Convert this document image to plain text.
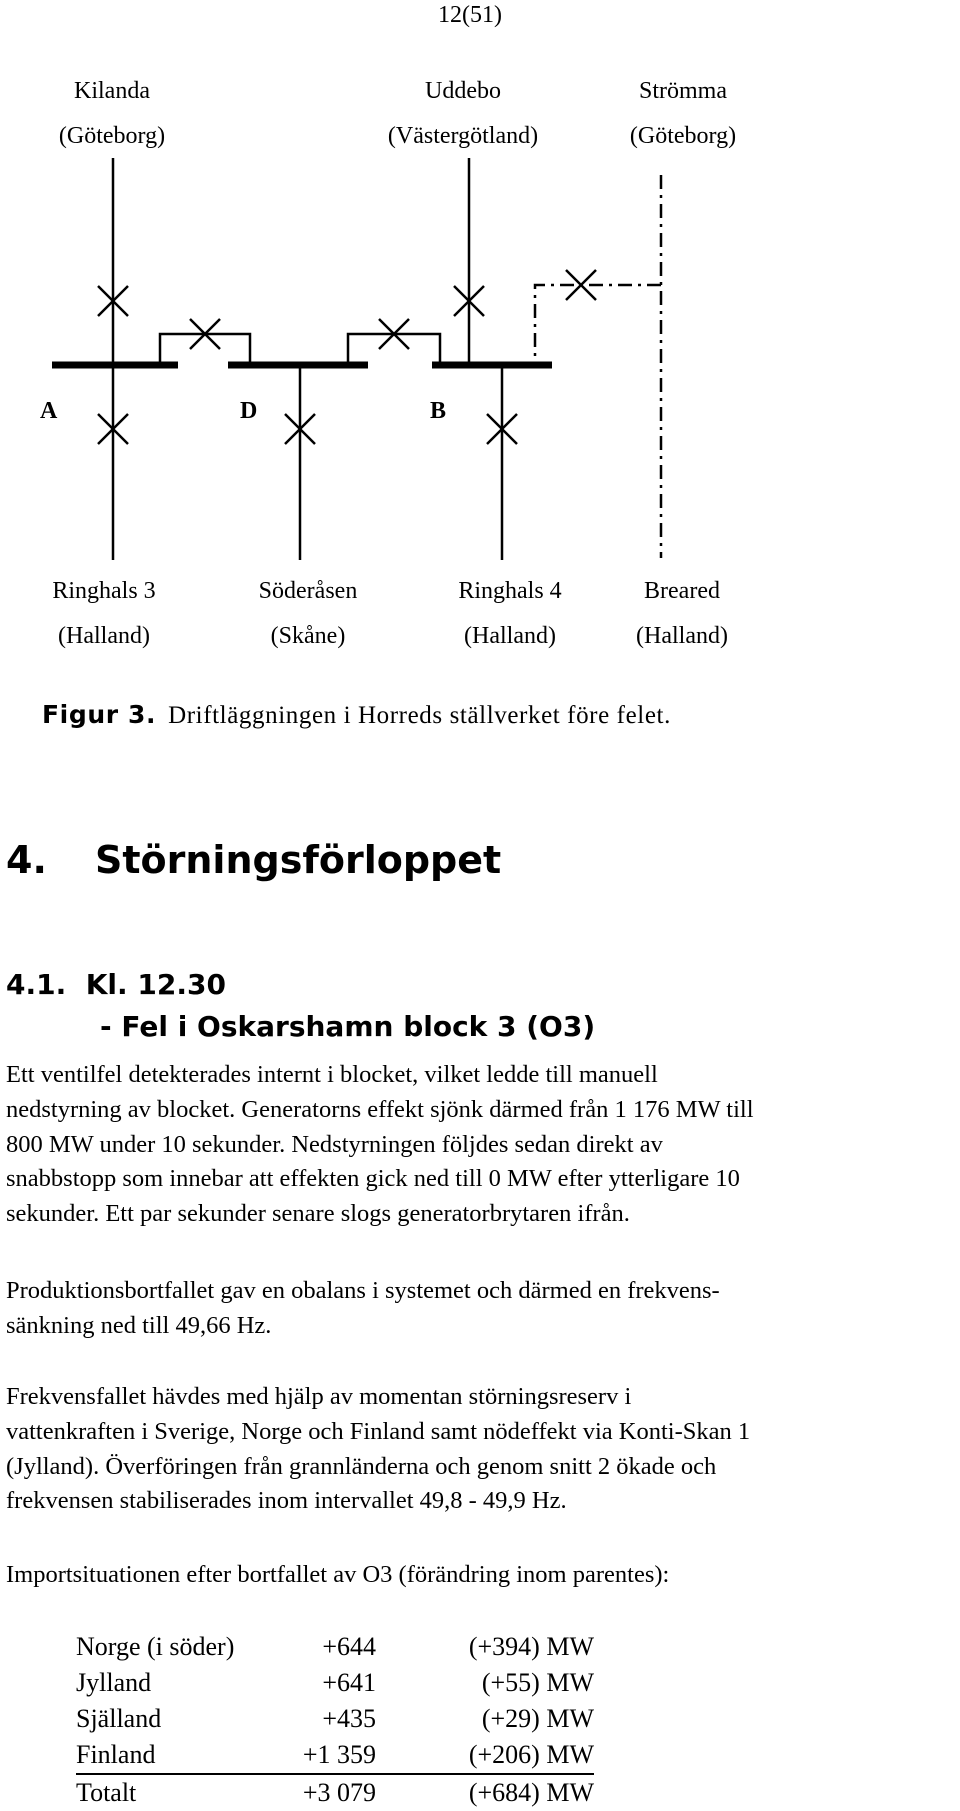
12(51)
Kilanda
(Göteborg)
Uddebo
(Västergötland)
Strömma
(Göteborg)
A	D	B
Ringhals 3
(Halland)
Söderåsen
(Skåne)
Ringhals 4
(Halland)
Breared
(Halland)
Figur 3. Driftläggningen i Horreds ställverket före felet.
4. Störningsförloppet
4.1.  Kl. 12.30
- Fel i Oskarshamn block 3 (O3)
Ett ventilfel detekterades internt i blocket, vilket ledde till manuell
nedstyrning av blocket. Generatorns effekt sjönk därmed från 1 176 MW till
800 MW under 10 sekunder. Nedstyrningen följdes sedan direkt av
snabbstopp som innebar att effekten gick ned till 0 MW efter ytterligare 10
sekunder. Ett par sekunder senare slogs generatorbrytaren ifrån.
Produktionsbortfallet gav en obalans i systemet och därmed en frekvens-
sänkning ned till 49,66 Hz.
Frekvensfallet hävdes med hjälp av momentan störningsreserv i
vattenkraften i Sverige, Norge och Finland samt nödeffekt via Konti-Skan 1
(Jylland). Överföringen från grannländerna och genom snitt 2 ökade och
frekvensen stabiliserades inom intervallet 49,8 - 49,9 Hz.
Importsituationen efter bortfallet av O3 (förändring inom parentes):
Norge (i söder)	+644	(+394) MW
Jylland	+641	(+55) MW
Själland	+435	(+29) MW
Finland	+1 359	(+206) MW
Totalt	+3 079	(+684) MW
